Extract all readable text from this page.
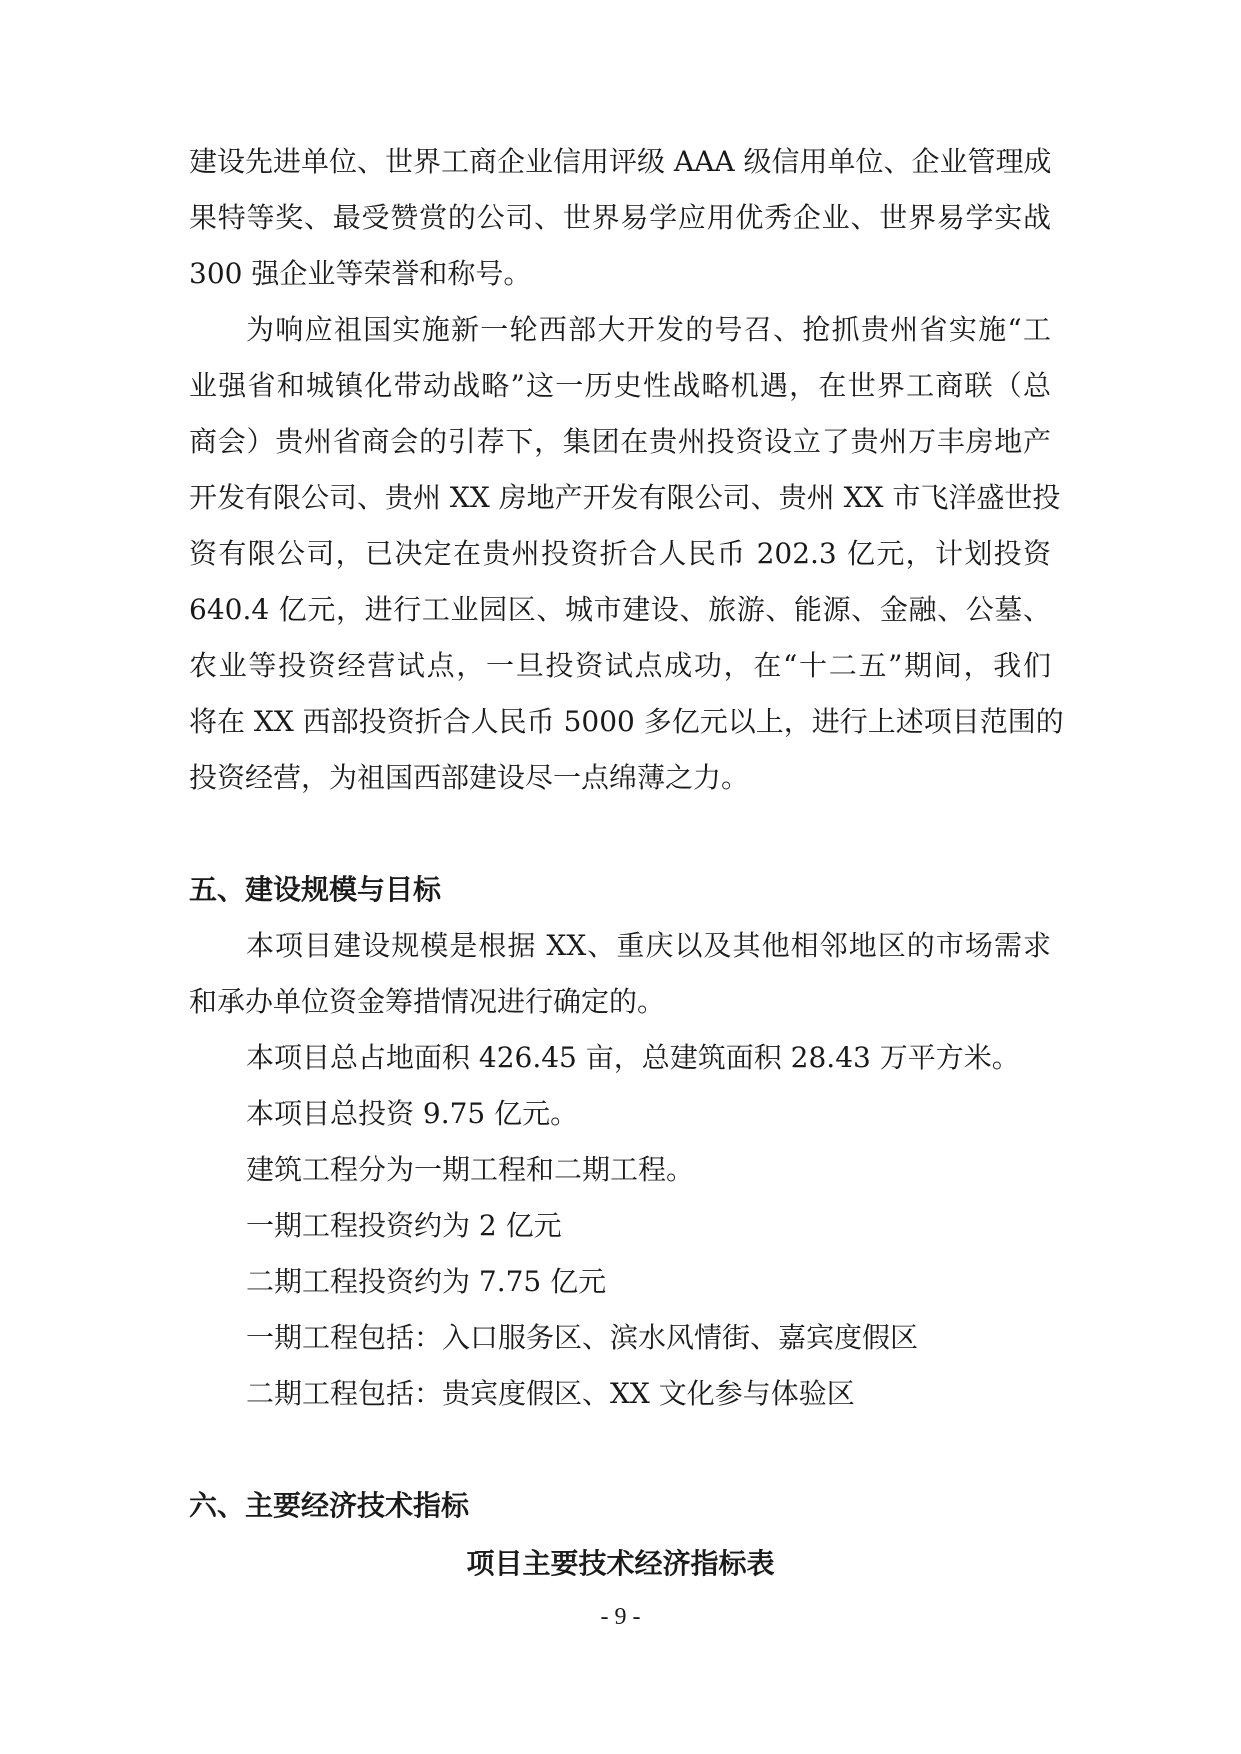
建设先进单位、世界工商企业信用评级 AAA 级信用单位、企业管理成
果特等奖、最受赞赏的公司、世界易学应用优秀企业、世界易学实战
300 强企业等荣誉和称号。
为响应祖国实施新一轮西部大开发的号召、抢抓贵州省实施“工
业强省和城镇化带动战略”这一历史性战略机遇，在世界工商联（总
商会）贵州省商会的引荐下，集团在贵州投资设立了贵州万丰房地产
开发有限公司、贵州 XX 房地产开发有限公司、贵州 XX 市飞洋盛世投
资有限公司，已决定在贵州投资折合人民币 202.3 亿元，计划投资
640.4 亿元，进行工业园区、城市建设、旅游、能源、金融、公墓、
农业等投资经营试点，一旦投资试点成功，在“十二五”期间，我们
将在 XX 西部投资折合人民币 5000 多亿元以上，进行上述项目范围的
投资经营，为祖国西部建设尽一点绵薄之力。
五、建设规模与目标
本项目建设规模是根据 XX、重庆以及其他相邻地区的市场需求
和承办单位资金筹措情况进行确定的。
本项目总占地面积 426.45 亩，总建筑面积 28.43 万平方米。
本项目总投资 9.75 亿元。
建筑工程分为一期工程和二期工程。
一期工程投资约为 2 亿元
二期工程投资约为 7.75 亿元
一期工程包括：入口服务区、滨水风情街、嘉宾度假区
二期工程包括：贵宾度假区、XX 文化参与体验区
六、主要经济技术指标
项目主要技术经济指标表
- 9 -
